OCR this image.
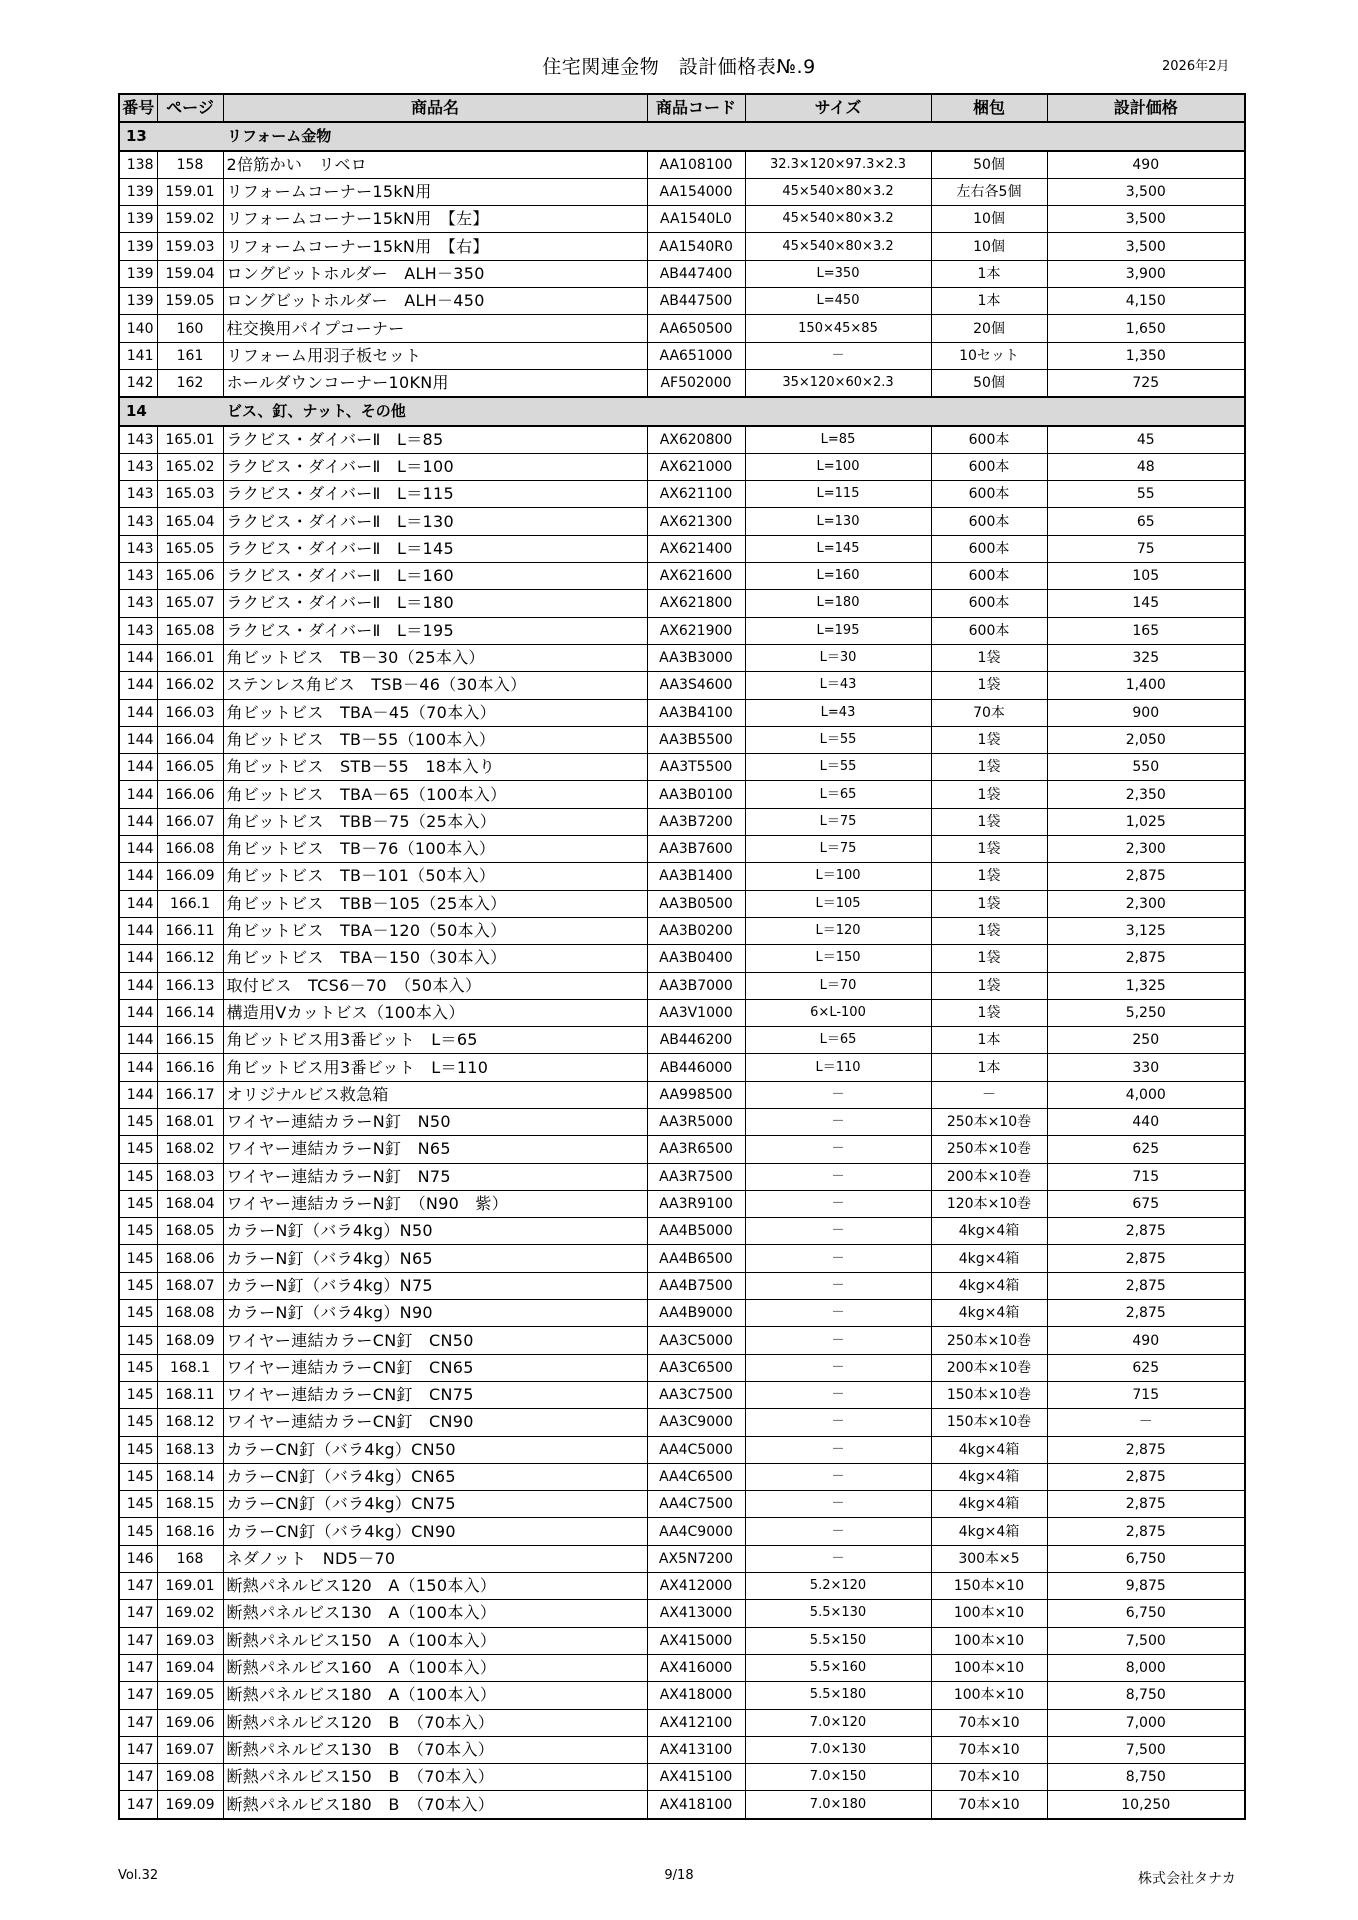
住宅関連金物　設計価格表№.9	2026年2月
番号	ページ	商品名	商品コード	サイズ	梱包	設計価格
13		リフォーム金物				
138	158	2倍筋かい　リベロ	AA108100	32.3×120×97.3×2.3	50個	490
139	159.01	リフォームコーナー15kN用	AA154000	45×540×80×3.2	左右各5個	3,500
139	159.02	リフォームコーナー15kN用　【左】	AA1540L0	45×540×80×3.2	10個	3,500
139	159.03	リフォームコーナー15kN用　【右】	AA1540R0	45×540×80×3.2	10個	3,500
139	159.04	ロングビットホルダー　ALH－350	AB447400	L=350	1本	3,900
139	159.05	ロングビットホルダー　ALH－450	AB447500	L=450	1本	4,150
140	160	柱交換用パイプコーナー	AA650500	150×45×85	20個	1,650
141	161	リフォーム用羽子板セット	AA651000	－	10セット	1,350
142	162	ホールダウンコーナー10KN用	AF502000	35×120×60×2.3	50個	725
14		ビス、釘、ナット、その他				
143	165.01	ラクビス・ダイバーⅡ　L＝85	AX620800	L=85	600本	45
143	165.02	ラクビス・ダイバーⅡ　L＝100	AX621000	L=100	600本	48
143	165.03	ラクビス・ダイバーⅡ　L＝115	AX621100	L=115	600本	55
143	165.04	ラクビス・ダイバーⅡ　L＝130	AX621300	L=130	600本	65
143	165.05	ラクビス・ダイバーⅡ　L＝145	AX621400	L=145	600本	75
143	165.06	ラクビス・ダイバーⅡ　L＝160	AX621600	L=160	600本	105
143	165.07	ラクビス・ダイバーⅡ　L＝180	AX621800	L=180	600本	145
143	165.08	ラクビス・ダイバーⅡ　L＝195	AX621900	L=195	600本	165
144	166.01	角ビットビス　TB－30（25本入）	AA3B3000	L＝30	1袋	325
144	166.02	ステンレス角ビス　TSB－46（30本入）	AA3S4600	L＝43	1袋	1,400
144	166.03	角ビットビス　TBA－45（70本入）	AA3B4100	L=43	70本	900
144	166.04	角ビットビス　TB－55（100本入）	AA3B5500	L＝55	1袋	2,050
144	166.05	角ビットビス　STB－55　18本入り	AA3T5500	L＝55	1袋	550
144	166.06	角ビットビス　TBA－65（100本入）	AA3B0100	L＝65	1袋	2,350
144	166.07	角ビットビス　TBB－75（25本入）	AA3B7200	L＝75	1袋	1,025
144	166.08	角ビットビス　TB－76（100本入）	AA3B7600	L＝75	1袋	2,300
144	166.09	角ビットビス　TB－101（50本入）	AA3B1400	L＝100	1袋	2,875
144	166.1	角ビットビス　TBB－105（25本入）	AA3B0500	L＝105	1袋	2,300
144	166.11	角ビットビス　TBA－120（50本入）	AA3B0200	L＝120	1袋	3,125
144	166.12	角ビットビス　TBA－150（30本入）	AA3B0400	L＝150	1袋	2,875
144	166.13	取付ビス　TCS6－70　（50本入）	AA3B7000	L＝70	1袋	1,325
144	166.14	構造用Vカットビス（100本入）	AA3V1000	6×L-100	1袋	5,250
144	166.15	角ビットビス用3番ビット　L＝65	AB446200	L＝65	1本	250
144	166.16	角ビットビス用3番ビット　L＝110	AB446000	L＝110	1本	330
144	166.17	オリジナルビス救急箱	AA998500	－	－	4,000
145	168.01	ワイヤー連結カラーN釘　N50	AA3R5000	－	250本×10巻	440
145	168.02	ワイヤー連結カラーN釘　N65	AA3R6500	－	250本×10巻	625
145	168.03	ワイヤー連結カラーN釘　N75	AA3R7500	－	200本×10巻	715
145	168.04	ワイヤー連結カラーN釘　（N90　紫）	AA3R9100	－	120本×10巻	675
145	168.05	カラーN釘（バラ4kg）N50	AA4B5000	－	4kg×4箱	2,875
145	168.06	カラーN釘（バラ4kg）N65	AA4B6500	－	4kg×4箱	2,875
145	168.07	カラーN釘（バラ4kg）N75	AA4B7500	－	4kg×4箱	2,875
145	168.08	カラーN釘（バラ4kg）N90	AA4B9000	－	4kg×4箱	2,875
145	168.09	ワイヤー連結カラーCN釘　CN50	AA3C5000	－	250本×10巻	490
145	168.1	ワイヤー連結カラーCN釘　CN65	AA3C6500	－	200本×10巻	625
145	168.11	ワイヤー連結カラーCN釘　CN75	AA3C7500	－	150本×10巻	715
145	168.12	ワイヤー連結カラーCN釘　CN90	AA3C9000	－	150本×10巻	－
145	168.13	カラーCN釘（バラ4kg）CN50	AA4C5000	－	4kg×4箱	2,875
145	168.14	カラーCN釘（バラ4kg）CN65	AA4C6500	－	4kg×4箱	2,875
145	168.15	カラーCN釘（バラ4kg）CN75	AA4C7500	－	4kg×4箱	2,875
145	168.16	カラーCN釘（バラ4kg）CN90	AA4C9000	－	4kg×4箱	2,875
146	168	ネダノット　ND5－70	AX5N7200	－	300本×5	6,750
147	169.01	断熱パネルビス120　A（150本入）	AX412000	5.2×120	150本×10	9,875
147	169.02	断熱パネルビス130　A（100本入）	AX413000	5.5×130	100本×10	6,750
147	169.03	断熱パネルビス150　A（100本入）	AX415000	5.5×150	100本×10	7,500
147	169.04	断熱パネルビス160　A（100本入）	AX416000	5.5×160	100本×10	8,000
147	169.05	断熱パネルビス180　A（100本入）	AX418000	5.5×180	100本×10	8,750
147	169.06	断熱パネルビス120　B　（70本入）	AX412100	7.0×120	70本×10	7,000
147	169.07	断熱パネルビス130　B　（70本入）	AX413100	7.0×130	70本×10	7,500
147	169.08	断熱パネルビス150　B　（70本入）	AX415100	7.0×150	70本×10	8,750
147	169.09	断熱パネルビス180　B　（70本入）	AX418100	7.0×180	70本×10	10,250
Vol.32	9/18	株式会社タナカ
